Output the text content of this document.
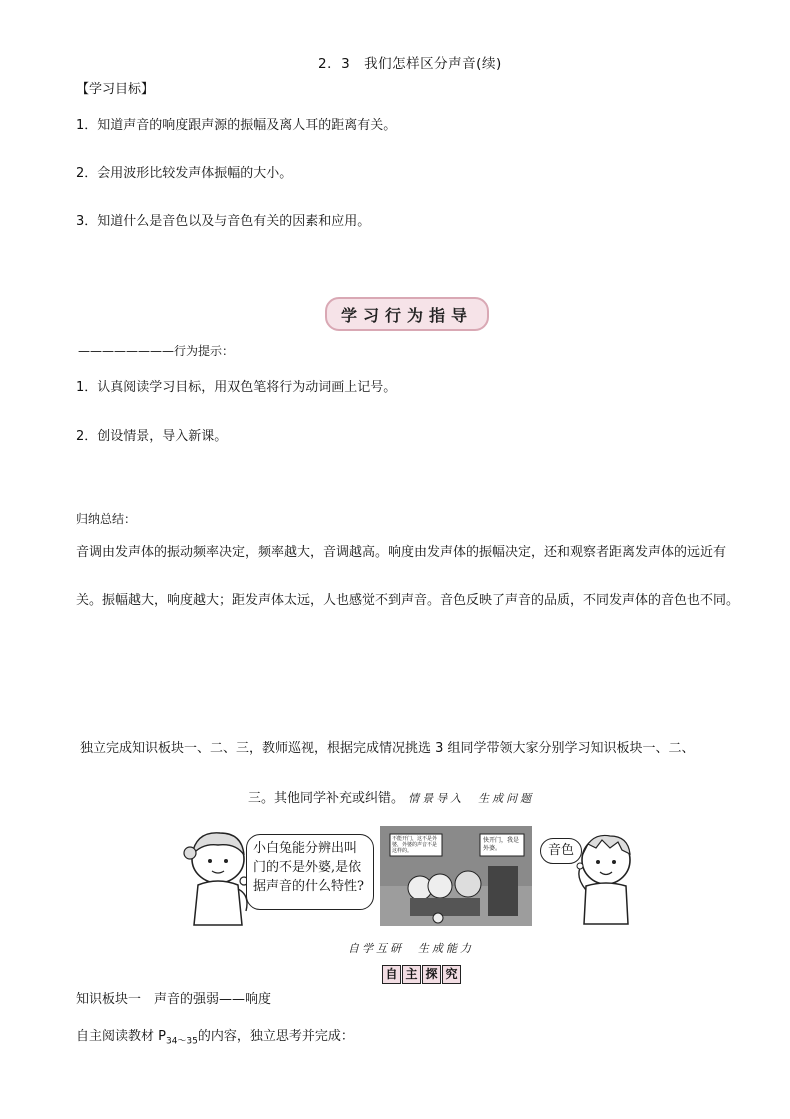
2．3　我们怎样区分声音(续)
【学习目标】
1．知道声音的响度跟声源的振幅及离人耳的距离有关。
2．会用波形比较发声体振幅的大小。
3．知道什么是音色以及与音色有关的因素和应用。
学习行为指导
————————行为提示：
1．认真阅读学习目标，用双色笔将行为动词画上记号。
2．创设情景，导入新课。
归纳总结：
音调由发声体的振动频率决定，频率越大，音调越高。响度由发声体的振幅决定，还和观察者距离发声体的远近有关。振幅越大，响度越大；距发声体太远，人也感觉不到声音。音色反映了声音的品质，不同发声体的音色也不同。
独立完成知识板块一、二、三，教师巡视，根据完成情况挑选 3 组同学带领大家分别学习知识板块一、二、
三。其他同学补充或纠错。 情景导入　生成问题
小白兔能分辨出叫门的不是外婆,是依据声音的什么特性?
不能开门，这不是外婆，外婆的声音不是这样的。
快开门，我是外婆。	音色
自学互研　生成能力
自 主 探 究
知识板块一　声音的强弱——响度
自主阅读教材 $P_{34\sim 35}$的内容，独立思考并完成：
